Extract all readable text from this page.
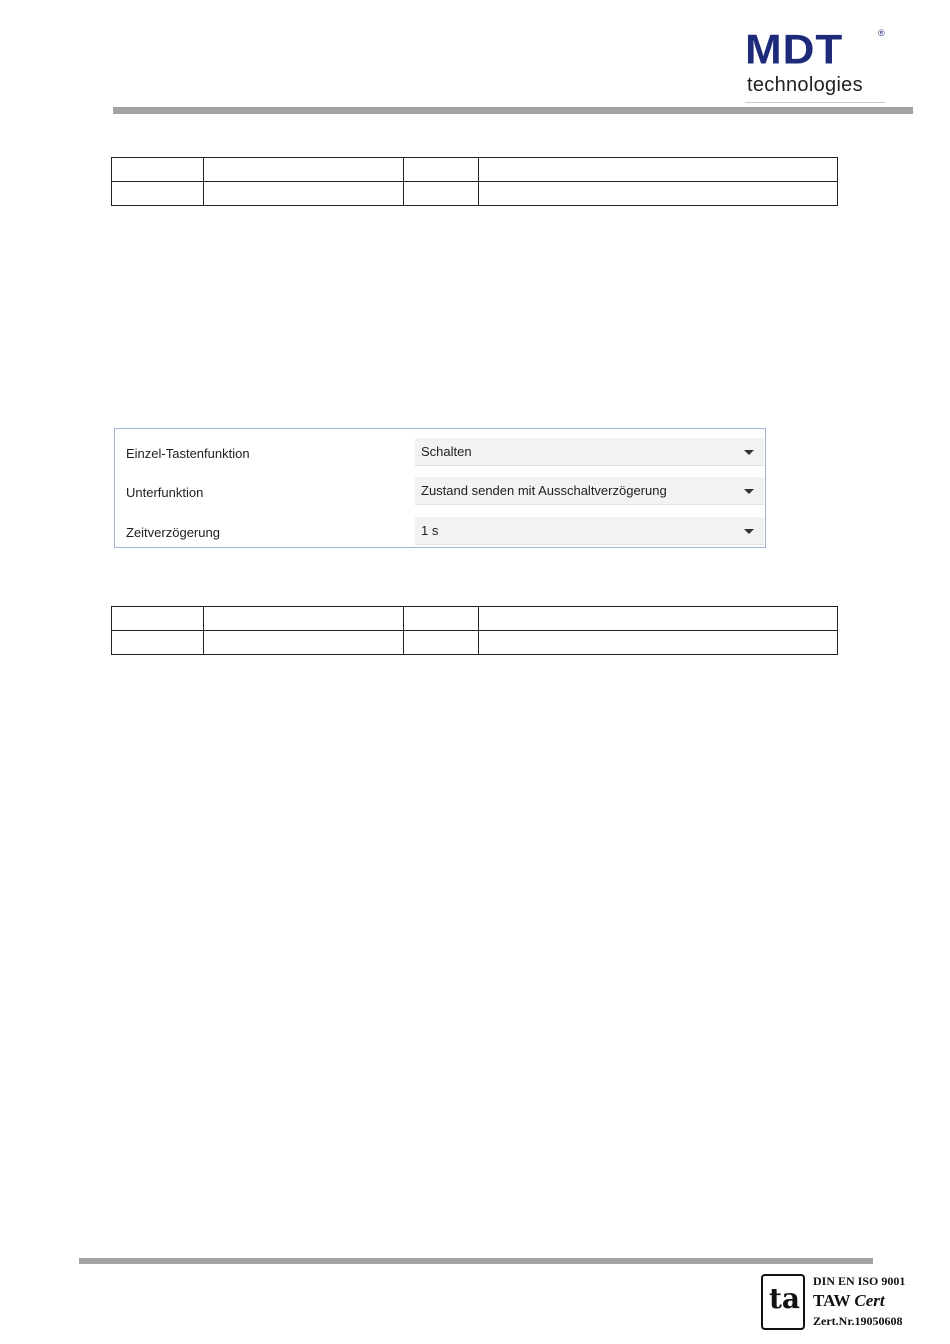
MDT	®
technologies

Einzel-Tastenfunktion	Schalten
Unterfunktion	Zustand senden mit Ausschaltverzögerung
Zeitverzögerung	1 s

ta
DIN EN ISO 9001
TAW Cert
Zert.Nr.19050608
